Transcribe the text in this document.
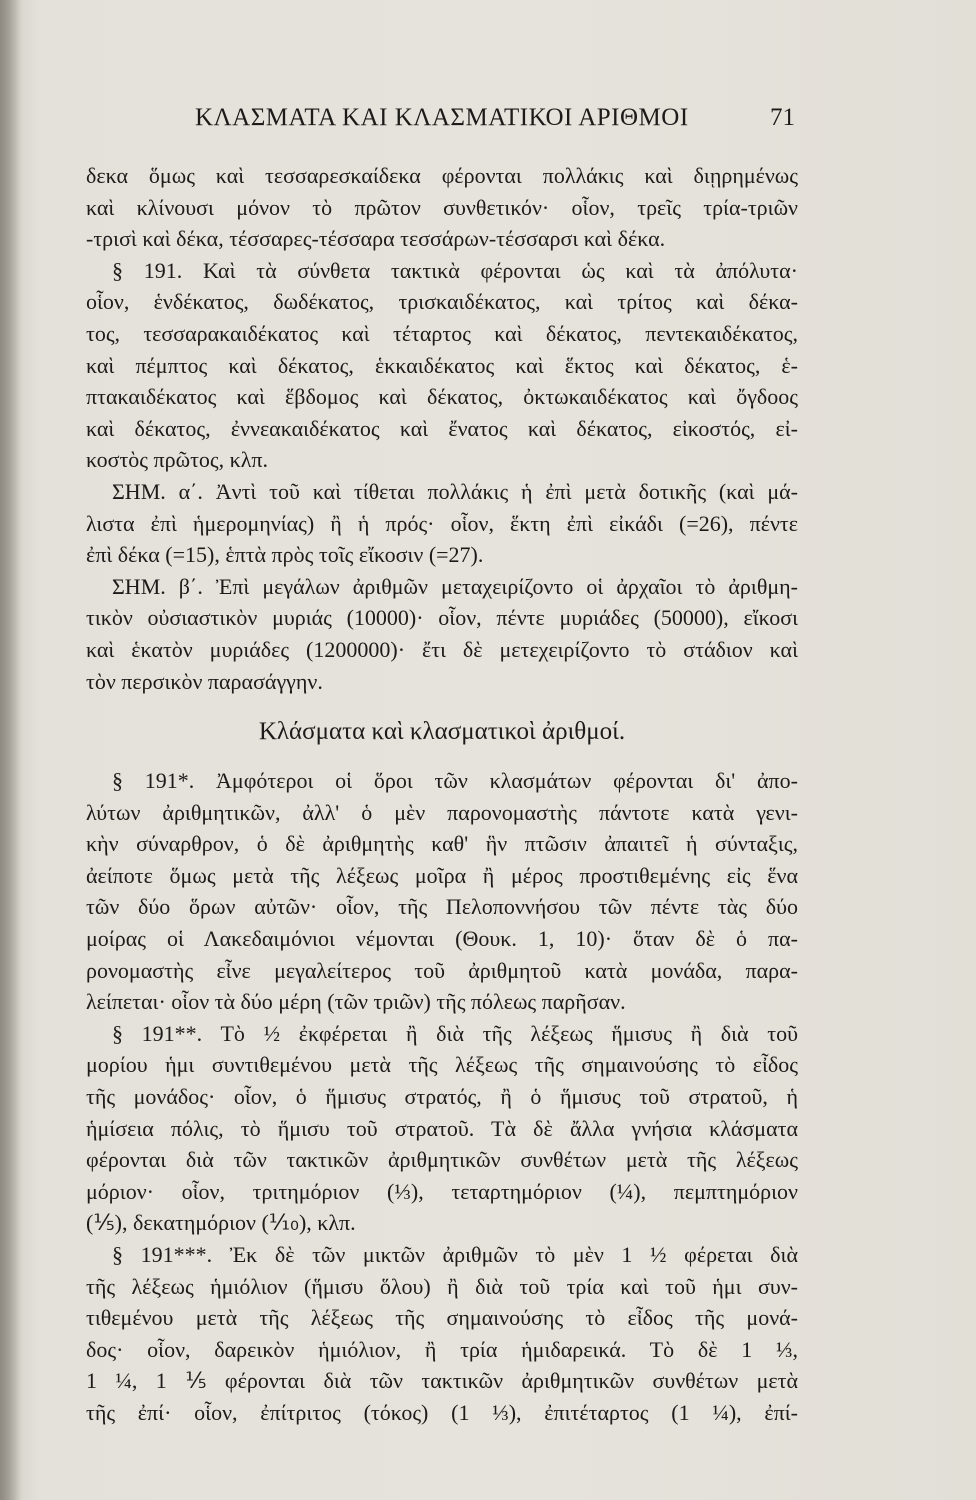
ΚΛΑΣΜΑΤΑ ΚΑΙ ΚΛΑΣΜΑΤΙΚΟΙ ΑΡΙΘΜΟΙ	71

δεκα ὅμως καὶ τεσσαρεσκαίδεκα φέρονται πολλάκις καὶ διῃρημένως
καὶ κλίνουσι μόνον τὸ πρῶτον συνθετικόν· οἷον, τρεῖς τρία-τριῶν
-τρισὶ καὶ δέκα, τέσσαρες-τέσσαρα τεσσάρων-τέσσαρσι καὶ δέκα.

§ 191. Καὶ τὰ σύνθετα τακτικὰ φέρονται ὡς καὶ τὰ ἀπόλυτα·
οἷον, ἑνδέκατος, δωδέκατος, τρισκαιδέκατος, καὶ τρίτος καὶ δέκα-
τος, τεσσαρακαιδέκατος καὶ τέταρτος καὶ δέκατος, πεντεκαιδέκατος,
καὶ πέμπτος καὶ δέκατος, ἑκκαιδέκατος καὶ ἕκτος καὶ δέκατος, ἑ-
πτακαιδέκατος καὶ ἕβδομος καὶ δέκατος, ὀκτωκαιδέκατος καὶ ὄγδοος
καὶ δέκατος, ἐννεακαιδέκατος καὶ ἔνατος καὶ δέκατος, εἰκοστός, εἰ-
κοστὸς πρῶτος, κλπ.

ΣΗΜ. α΄. Ἀντὶ τοῦ καὶ τίθεται πολλάκις ἡ ἐπὶ μετὰ δοτικῆς (καὶ μά-
λιστα ἐπὶ ἡμερομηνίας) ἢ ἡ πρός· οἷον, ἕκτη ἐπὶ εἰκάδι (=26), πέντε
ἐπὶ δέκα (=15), ἑπτὰ πρὸς τοῖς εἴκοσιν (=27).

ΣΗΜ. β΄. Ἐπὶ μεγάλων ἀριθμῶν μεταχειρίζοντο οἱ ἀρχαῖοι τὸ ἀριθμη-
τικὸν οὐσιαστικὸν μυριάς (10000)· οἷον, πέντε μυριάδες (50000), εἴκοσι
καὶ ἑκατὸν μυριάδες (1200000)· ἔτι δὲ μετεχειρίζοντο τὸ στάδιον καὶ
τὸν περσικὸν παρασάγγην.

Κλάσματα καὶ κλασματικοὶ ἀριθμοί.

§ 191*. Ἀμφότεροι οἱ ὅροι τῶν κλασμάτων φέρονται δι' ἀπο-
λύτων ἀριθμητικῶν, ἀλλ' ὁ μὲν παρονομαστὴς πάντοτε κατὰ γενι-
κὴν σύναρθρον, ὁ δὲ ἀριθμητὴς καθ' ἣν πτῶσιν ἀπαιτεῖ ἡ σύνταξις,
ἀείποτε ὅμως μετὰ τῆς λέξεως μοῖρα ἢ μέρος προστιθεμένης εἰς ἕνα
τῶν δύο ὅρων αὐτῶν· οἷον, τῆς Πελοποννήσου τῶν πέντε τὰς δύο
μοίρας οἱ Λακεδαιμόνιοι νέμονται (Θουκ. 1, 10)· ὅταν δὲ ὁ πα-
ρονομαστὴς εἶνε μεγαλείτερος τοῦ ἀριθμητοῦ κατὰ μονάδα, παρα-
λείπεται· οἷον τὰ δύο μέρη (τῶν τριῶν) τῆς πόλεως παρῆσαν.

§ 191**. Τὸ ½ ἐκφέρεται ἢ διὰ τῆς λέξεως ἥμισυς ἢ διὰ τοῦ
μορίου ἡμι συντιθεμένου μετὰ τῆς λέξεως τῆς σημαινούσης τὸ εἶδος
τῆς μονάδος· οἷον, ὁ ἥμισυς στρατός, ἢ ὁ ἥμισυς τοῦ στρατοῦ, ἡ
ἡμίσεια πόλις, τὸ ἥμισυ τοῦ στρατοῦ. Τὰ δὲ ἄλλα γνήσια κλάσματα
φέρονται διὰ τῶν τακτικῶν ἀριθμητικῶν συνθέτων μετὰ τῆς λέξεως
μόριον· οἷον, τριτημόριον (⅓), τεταρτημόριον (¼), πεμπτημόριον
(⅕), δεκατημόριον (⅒), κλπ.

§ 191***. Ἐκ δὲ τῶν μικτῶν ἀριθμῶν τὸ μὲν 1 ½ φέρεται διὰ
τῆς λέξεως ἡμιόλιον (ἥμισυ ὅλου) ἢ διὰ τοῦ τρία καὶ τοῦ ἡμι συν-
τιθεμένου μετὰ τῆς λέξεως τῆς σημαινούσης τὸ εἶδος τῆς μονά-
δος· οἷον, δαρεικὸν ἡμιόλιον, ἢ τρία ἡμιδαρεικά. Τὸ δὲ 1 ⅓,
1 ¼, 1 ⅕ φέρονται διὰ τῶν τακτικῶν ἀριθμητικῶν συνθέτων μετὰ
τῆς ἐπί· οἷον, ἐπίτριτος (τόκος) (1 ⅓), ἐπιτέταρτος (1 ¼), ἐπί-
